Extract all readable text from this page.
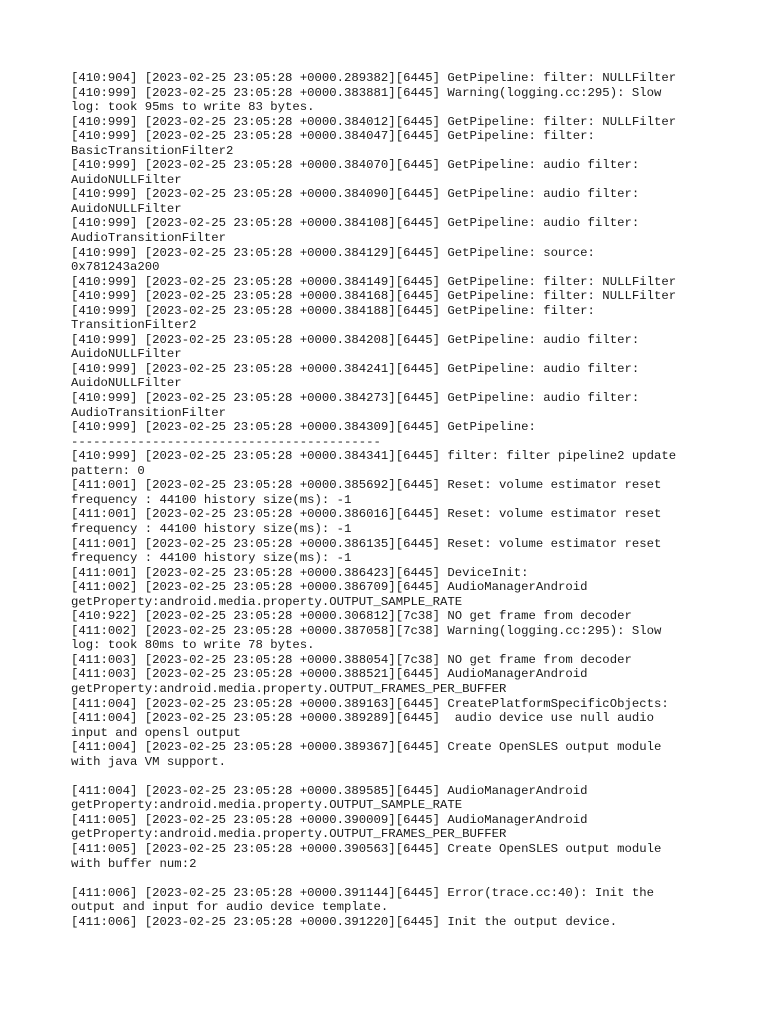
[410:904] [2023-02-25 23:05:28 +0000.289382][6445] GetPipeline: filter: NULLFilter
[410:999] [2023-02-25 23:05:28 +0000.383881][6445] Warning(logging.cc:295): Slow
log: took 95ms to write 83 bytes.
[410:999] [2023-02-25 23:05:28 +0000.384012][6445] GetPipeline: filter: NULLFilter
[410:999] [2023-02-25 23:05:28 +0000.384047][6445] GetPipeline: filter:
BasicTransitionFilter2
[410:999] [2023-02-25 23:05:28 +0000.384070][6445] GetPipeline: audio filter:
AuidoNULLFilter
[410:999] [2023-02-25 23:05:28 +0000.384090][6445] GetPipeline: audio filter:
AuidoNULLFilter
[410:999] [2023-02-25 23:05:28 +0000.384108][6445] GetPipeline: audio filter:
AudioTransitionFilter
[410:999] [2023-02-25 23:05:28 +0000.384129][6445] GetPipeline: source:
0x781243a200
[410:999] [2023-02-25 23:05:28 +0000.384149][6445] GetPipeline: filter: NULLFilter
[410:999] [2023-02-25 23:05:28 +0000.384168][6445] GetPipeline: filter: NULLFilter
[410:999] [2023-02-25 23:05:28 +0000.384188][6445] GetPipeline: filter:
TransitionFilter2
[410:999] [2023-02-25 23:05:28 +0000.384208][6445] GetPipeline: audio filter:
AuidoNULLFilter
[410:999] [2023-02-25 23:05:28 +0000.384241][6445] GetPipeline: audio filter:
AuidoNULLFilter
[410:999] [2023-02-25 23:05:28 +0000.384273][6445] GetPipeline: audio filter:
AudioTransitionFilter
[410:999] [2023-02-25 23:05:28 +0000.384309][6445] GetPipeline:
------------------------------------------
[410:999] [2023-02-25 23:05:28 +0000.384341][6445] filter: filter pipeline2 update
pattern: 0
[411:001] [2023-02-25 23:05:28 +0000.385692][6445] Reset: volume estimator reset
frequency : 44100 history size(ms): -1
[411:001] [2023-02-25 23:05:28 +0000.386016][6445] Reset: volume estimator reset
frequency : 44100 history size(ms): -1
[411:001] [2023-02-25 23:05:28 +0000.386135][6445] Reset: volume estimator reset
frequency : 44100 history size(ms): -1
[411:001] [2023-02-25 23:05:28 +0000.386423][6445] DeviceInit:
[411:002] [2023-02-25 23:05:28 +0000.386709][6445] AudioManagerAndroid
getProperty:android.media.property.OUTPUT_SAMPLE_RATE
[410:922] [2023-02-25 23:05:28 +0000.306812][7c38] NO get frame from decoder
[411:002] [2023-02-25 23:05:28 +0000.387058][7c38] Warning(logging.cc:295): Slow
log: took 80ms to write 78 bytes.
[411:003] [2023-02-25 23:05:28 +0000.388054][7c38] NO get frame from decoder
[411:003] [2023-02-25 23:05:28 +0000.388521][6445] AudioManagerAndroid
getProperty:android.media.property.OUTPUT_FRAMES_PER_BUFFER
[411:004] [2023-02-25 23:05:28 +0000.389163][6445] CreatePlatformSpecificObjects:
[411:004] [2023-02-25 23:05:28 +0000.389289][6445]  audio device use null audio
input and opensl output
[411:004] [2023-02-25 23:05:28 +0000.389367][6445] Create OpenSLES output module
with java VM support.
[411:004] [2023-02-25 23:05:28 +0000.389585][6445] AudioManagerAndroid
getProperty:android.media.property.OUTPUT_SAMPLE_RATE
[411:005] [2023-02-25 23:05:28 +0000.390009][6445] AudioManagerAndroid
getProperty:android.media.property.OUTPUT_FRAMES_PER_BUFFER
[411:005] [2023-02-25 23:05:28 +0000.390563][6445] Create OpenSLES output module
with buffer num:2
[411:006] [2023-02-25 23:05:28 +0000.391144][6445] Error(trace.cc:40): Init the
output and input for audio device template.
[411:006] [2023-02-25 23:05:28 +0000.391220][6445] Init the output device.
